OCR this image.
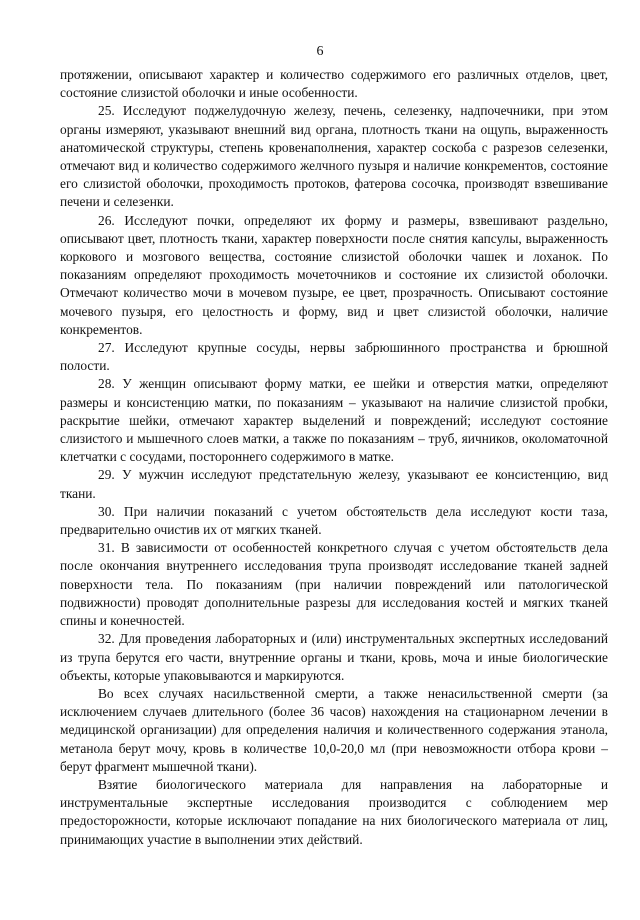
6

протяжении, описывают характер и количество содержимого его различных отделов, цвет, состояние слизистой оболочки и иные особенности.

25. Исследуют поджелудочную железу, печень, селезенку, надпочечники, при этом органы измеряют, указывают внешний вид органа, плотность ткани на ощупь, выраженность анатомической структуры, степень кровенаполнения, характер соскоба с разрезов селезенки, отмечают вид и количество содержимого желчного пузыря и наличие конкрементов, состояние его слизистой оболочки, проходимость протоков, фатерова сосочка, производят взвешивание печени и селезенки.

26. Исследуют почки, определяют их форму и размеры, взвешивают раздельно, описывают цвет, плотность ткани, характер поверхности после снятия капсулы, выраженность коркового и мозгового вещества, состояние слизистой оболочки чашек и лоханок. По показаниям определяют проходимость мочеточников и состояние их слизистой оболочки. Отмечают количество мочи в мочевом пузыре, ее цвет, прозрачность. Описывают состояние мочевого пузыря, его целостность и форму, вид и цвет слизистой оболочки, наличие конкрементов.

27. Исследуют крупные сосуды, нервы забрюшинного пространства и брюшной полости.

28. У женщин описывают форму матки, ее шейки и отверстия матки, определяют размеры и консистенцию матки, по показаниям – указывают на наличие слизистой пробки, раскрытие шейки, отмечают характер выделений и повреждений; исследуют состояние слизистого и мышечного слоев матки, а также по показаниям – труб, яичников, околоматочной клетчатки с сосудами, постороннего содержимого в матке.

29. У мужчин исследуют предстательную железу, указывают ее консистенцию, вид ткани.

30. При наличии показаний с учетом обстоятельств дела исследуют кости таза, предварительно очистив их от мягких тканей.

31. В зависимости от особенностей конкретного случая с учетом обстоятельств дела после окончания внутреннего исследования трупа производят исследование тканей задней поверхности тела. По показаниям (при наличии повреждений или патологической подвижности) проводят дополнительные разрезы для исследования костей и мягких тканей спины и конечностей.

32. Для проведения лабораторных и (или) инструментальных экспертных исследований из трупа берутся его части, внутренние органы и ткани, кровь, моча и иные биологические объекты, которые упаковываются и маркируются.

Во всех случаях насильственной смерти, а также ненасильственной смерти (за исключением случаев длительного (более 36 часов) нахождения на стационарном лечении в медицинской организации) для определения наличия и количественного содержания этанола, метанола берут мочу, кровь в количестве 10,0-20,0 мл (при невозможности отбора крови – берут фрагмент мышечной ткани).

Взятие биологического материала для направления на лабораторные и инструментальные экспертные исследования производится с соблюдением мер предосторожности, которые исключают попадание на них биологического материала от лиц, принимающих участие в выполнении этих действий.
